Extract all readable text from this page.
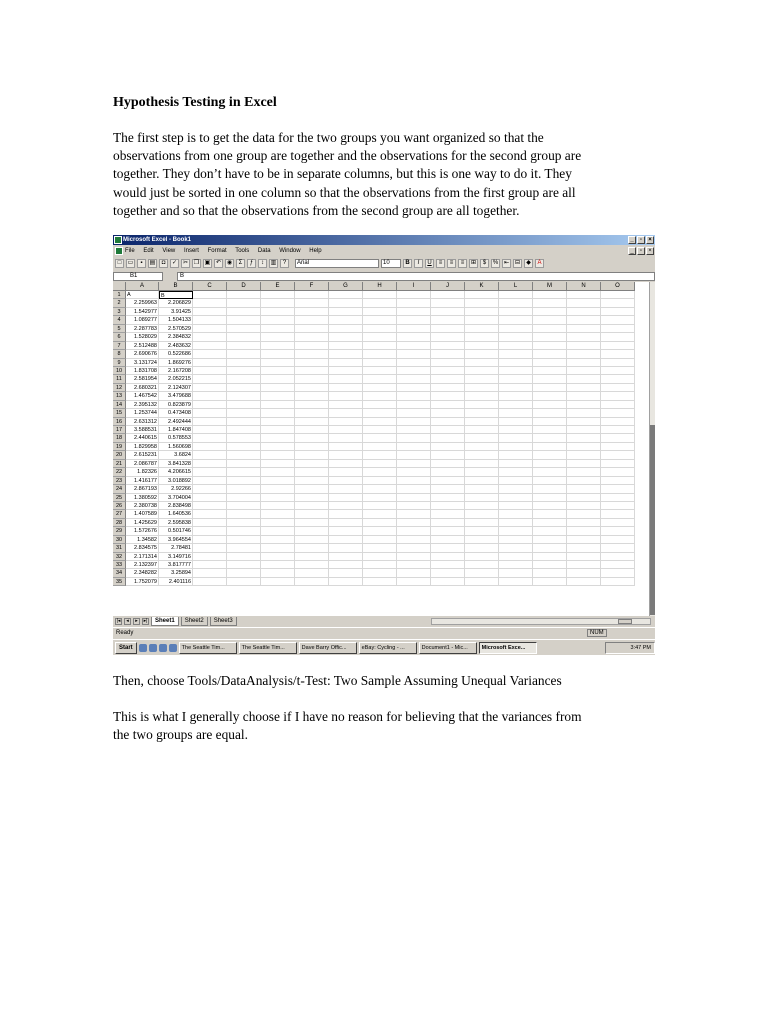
Hypothesis Testing in Excel
The first step is to get the data for the two groups you want organized so that the
observations from one group are together and the observations for the second group are
together. They don’t have to be in separate columns, but this is one way to do it. They
would just be sorted in one column so that the observations from the first group are all
together and so that the observations from the second group are all together.
Microsoft Excel - Book1	_	▫	×
File Edit View Insert Format Tools Data Window Help	_	▫	×
□	▭	▪	▤	◘	✓ ✂ ❐ ▣ ↶ ◉	Σ	ƒ	↕	▥	?	Arial	10	B	I	U	≡	≡	≡	⊞	$	% ⇤ ⊟	◆	A
B1	B
A	B	C	D	E	F	G	H	I	J	K	L	M	N	O
1	A	B
2	2.259963	2.206829
3	1.542977	3.91425
4	1.089277	1.504133
5	2.287783	2.570529
6	1.528029	2.384832
7	2.512488	2.483632
8	2.690676	0.522686
9	3.131724	1.869276
10	1.831708	2.167208
11	2.581954	2.052215
12	2.680321	2.124307
13	1.467542	3.479688
14	2.395132	0.823879
15	1.253744	0.473408
16	2.631312	2.492444
17	3.588531	1.847408
18	2.440615	0.578553
19	1.829958	1.560698
20	2.615231	3.6824
21	2.086787	3.841328
22	1.82326	4.206615
23	1.416177	3.018892
24	2.867193	2.92266
25	1.380592	3.704004
26	2.380738	2.838498
27	1.407589	1.640536
28	1.425629	2.595838
29	1.572676	0.501746
30	1.34582	3.964554
31	2.834575	2.78481
32	2.171314	3.149716
33	2.132397	3.817777
34	2.348282	3.25894
35	1.752079	2.401116
|◂	◂	▸	▸|	Sheet1	Sheet2	Sheet3
Ready	NUM
Start	The Seattle Tim...	The Seattle Tim...	Dave Barry Offic...	eBay: Cycling - ...	Document1 - Mic...	Microsoft Exce...	3:47 PM
Then, choose Tools/DataAnalysis/t-Test: Two Sample Assuming Unequal Variances
This is what I generally choose if I have no reason for believing that the variances from
the two groups are equal.
